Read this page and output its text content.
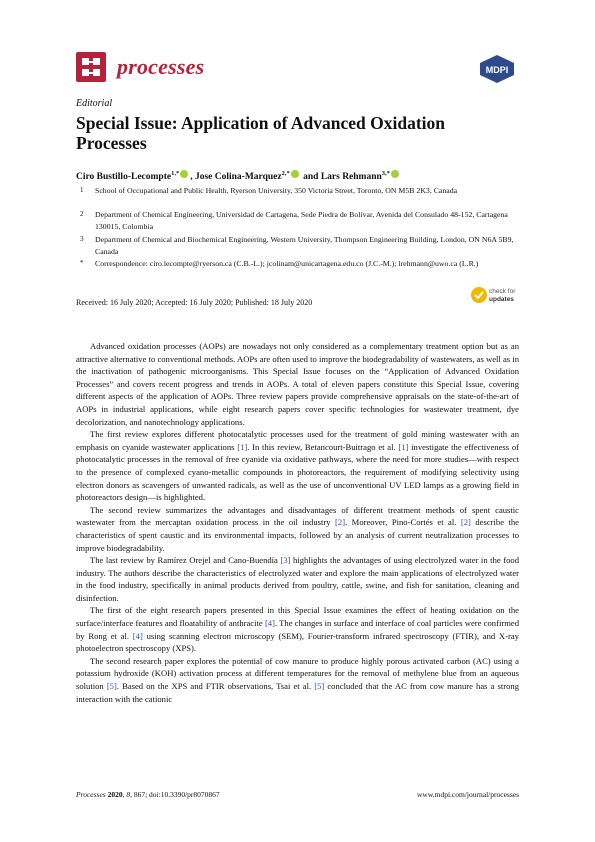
processes	MDPI
Editorial
Special Issue: Application of Advanced Oxidation Processes
Ciro Bustillo-Lecompte$^{1,*}$ , Jose Colina-Marquez$^{2,*}$ and Lars Rehmann$^{3,*}$
1 School of Occupational and Public Health, Ryerson University, 350 Victoria Street, Toronto, ON M5B 2K3, Canada
2 Department of Chemical Engineering, Universidad de Cartagena, Sede Piedra de Bolívar, Avenida del Consulado 48-152, Cartagena 130015, Colombia
3 Department of Chemical and Biochemical Engineering, Western University, Thompson Engineering Building, London, ON N6A 5B9, Canada
* Correspondence: ciro.lecompte@ryerson.ca (C.B.-L.); jcolinam@unicartagena.edu.co (J.C.-M.); lrehmann@uwo.ca (L.R.)
Received: 16 July 2020; Accepted: 16 July 2020; Published: 18 July 2020
check for
updates

Advanced oxidation processes (AOPs) are nowadays not only considered as a complementary treatment option but as an attractive alternative to conventional methods. AOPs are often used to improve the biodegradability of wastewaters, as well as in the inactivation of pathogenic microorganisms. This Special Issue focuses on the “Application of Advanced Oxidation Processes” and covers recent progress and trends in AOPs. A total of eleven papers constitute this Special Issue, covering different aspects of the application of AOPs. Three review papers provide comprehensive appraisals on the state-of-the-art of AOPs in industrial applications, while eight research papers cover specific technologies for wastewater treatment, dye decolorization, and nanotechnology applications.

The first review explores different photocatalytic processes used for the treatment of gold mining wastewater with an emphasis on cyanide wastewater applications [1]. In this review, Betancourt-Buitrago et al. [1] investigate the effectiveness of photocatalytic processes in the removal of free cyanide via oxidative pathways, where the need for more studies—with respect to the presence of complexed cyano-metallic compounds in photoreactors, the requirement of modifying selectivity using electron donors as scavengers of unwanted radicals, as well as the use of unconventional UV LED lamps as a growing field in photoreactors design—is highlighted.

The second review summarizes the advantages and disadvantages of different treatment methods of spent caustic wastewater from the mercaptan oxidation process in the oil industry [2]. Moreover, Pino-Cortés et al. [2] describe the characteristics of spent caustic and its environmental impacts, followed by an analysis of current neutralization processes to improve biodegradability.

The last review by Ramírez Orejel and Cano-Buendía [3] highlights the advantages of using electrolyzed water in the food industry. The authors describe the characteristics of electrolyzed water and explore the main applications of electrolyzed water in the food industry, specifically in animal products derived from poultry, cattle, swine, and fish for sanitation, cleaning and disinfection.

The first of the eight research papers presented in this Special Issue examines the effect of heating oxidation on the surface/interface features and floatability of anthracite [4]. The changes in surface and interface of coal particles were confirmed by Rong et al. [4] using scanning electron microscopy (SEM), Fourier-transform infrared spectroscopy (FTIR), and X-ray photoelectron spectroscopy (XPS).

The second research paper explores the potential of cow manure to produce highly porous activated carbon (AC) using a potassium hydroxide (KOH) activation process at different temperatures for the removal of methylene blue from an aqueous solution [5]. Based on the XPS and FTIR observations, Tsai et al. [5] concluded that the AC from cow manure has a strong interaction with the cationic

Processes 2020, 8, 867; doi:10.3390/pr8070867	www.mdpi.com/journal/processes
